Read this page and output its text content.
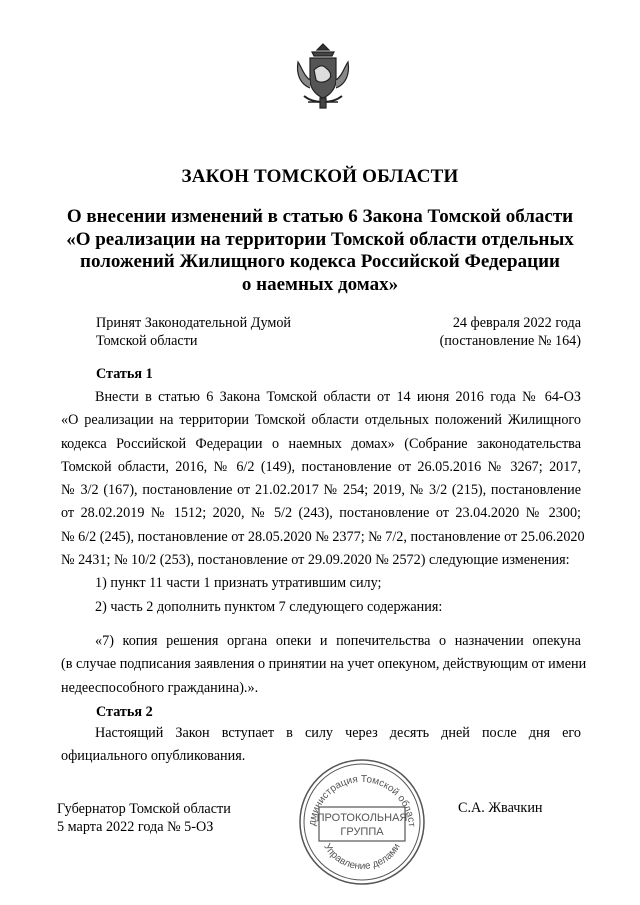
ЗАКОН ТОМСКОЙ ОБЛАСТИ
О внесении изменений в статью 6 Закона Томской области
«О реализации на территории Томской области отдельных
положений Жилищного кодекса Российской Федерации
о наемных домах»
Принят Законодательной Думой
Томской области
24 февраля 2022 года
(постановление № 164)
Статья 1
Внести в статью 6 Закона Томской области от 14 июня 2016 года № 64-ОЗ
«О реализации на территории Томской области отдельных положений Жилищного
кодекса Российской Федерации о наемных домах» (Собрание законодательства
Томской области, 2016, № 6/2 (149), постановление от 26.05.2016 № 3267; 2017,
№ 3/2 (167), постановление от 21.02.2017 № 254; 2019, № 3/2 (215), постановление
от 28.02.2019 № 1512; 2020, № 5/2 (243), постановление от 23.04.2020 № 2300;
№ 6/2 (245), постановление от 28.05.2020 № 2377; № 7/2, постановление от 25.06.2020
№ 2431; № 10/2 (253), постановление от 29.09.2020 № 2572) следующие изменения:
1) пункт 11 части 1 признать утратившим силу;
2) часть 2 дополнить пунктом 7 следующего содержания:
«7) копия решения органа опеки и попечительства о назначении опекуна
(в случае подписания заявления о принятии на учет опекуном, действующим от имени
недееспособного гражданина).».
Статья 2
Настоящий Закон вступает в силу через десять дней после дня его
официального опубликования.
дминистрация Томской област
Управление делами
ПРОТОКОЛЬНАЯ
ГРУППА
Губернатор Томской области
5 марта 2022 года № 5-ОЗ
С.А. Жвачкин
